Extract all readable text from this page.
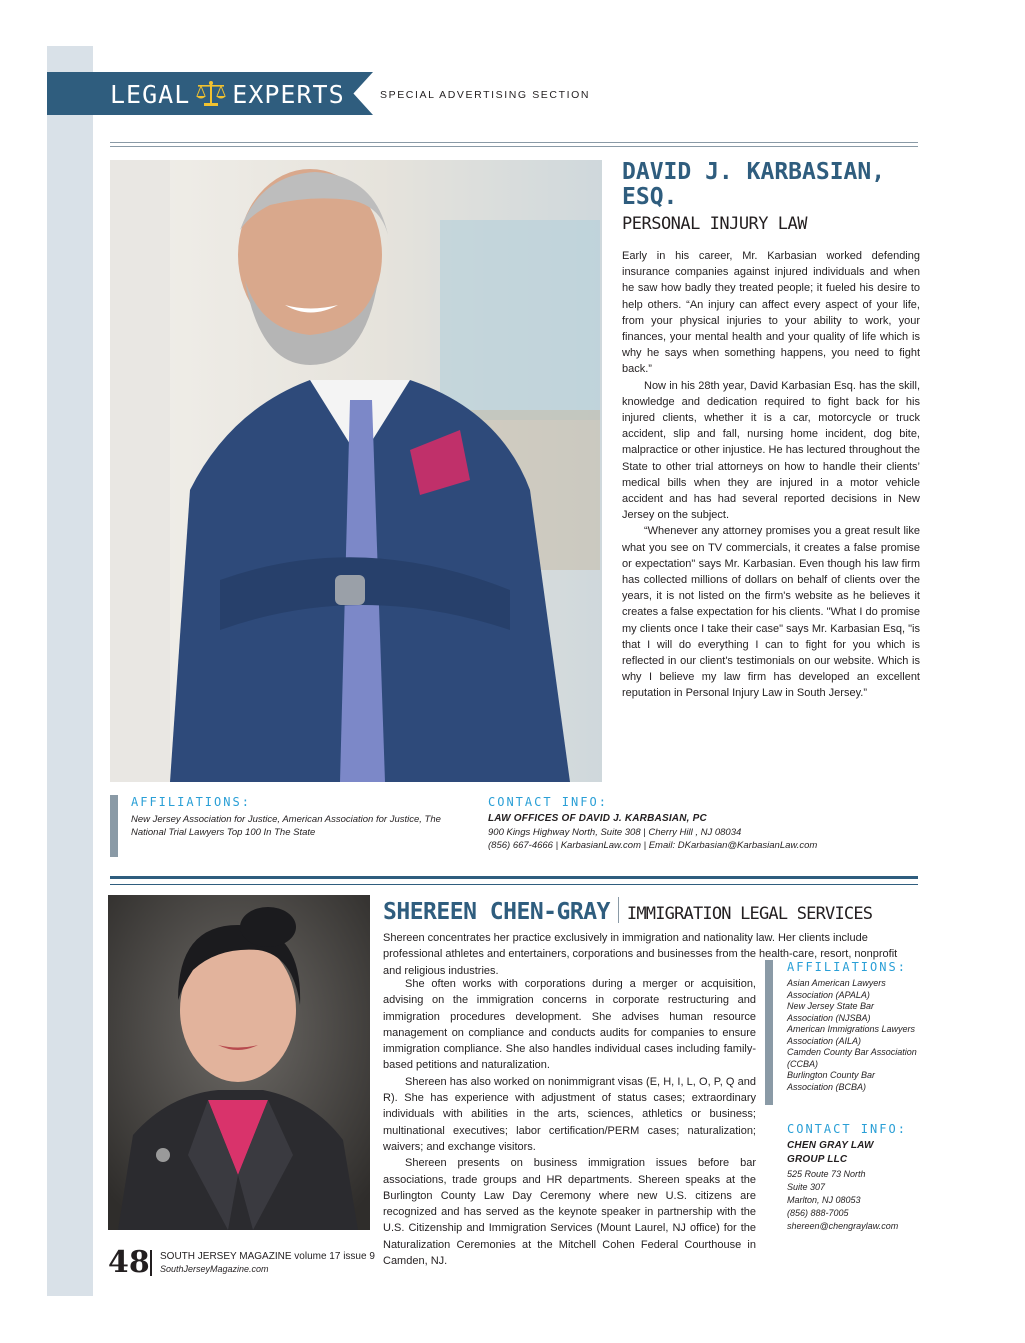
LEGAL EXPERTS	SPECIAL ADVERTISING SECTION
DAVID J. KARBASIAN, ESQ.
PERSONAL INJURY LAW

Early in his career, Mr. Karbasian worked defending insurance companies against injured individuals and when he saw how badly they treated people; it fueled his desire to help others. “An injury can affect every aspect of your life, from your physical injuries to your ability to work, your finances, your mental health and your quality of life which is why he says when something happens, you need to fight back.”

Now in his 28th year, David Karbasian Esq. has the skill, knowledge and dedication required to fight back for his injured clients, whether it is a car, motorcycle or truck accident, slip and fall, nursing home incident, dog bite, malpractice or other injustice. He has lectured throughout the State to other trial attorneys on how to handle their clients’ medical bills when they are injured in a motor vehicle accident and has had several reported decisions in New Jersey on the subject.

“Whenever any attorney promises you a great result like what you see on TV commercials, it creates a false promise or expectation" says Mr. Karbasian. Even though his law firm has collected millions of dollars on behalf of clients over the years, it is not listed on the firm's website as he believes it creates a false expectation for his clients. "What I do promise my clients once I take their case" says Mr. Karbasian Esq, "is that I will do everything I can to fight for you which is reflected in our client's testimonials on our website. Which is why I believe my law firm has developed an excellent reputation in Personal Injury Law in South Jersey.”

AFFILIATIONS:
New Jersey Association for Justice, American Association for Justice, The National Trial Lawyers Top 100 In The State
CONTACT INFO:
LAW OFFICES OF DAVID J. KARBASIAN, PC
900 Kings Highway North, Suite 308 | Cherry Hill , NJ 08034
(856) 667-4666 | KarbasianLaw.com | Email: DKarbasian@KarbasianLaw.com
SHEREEN CHEN-GRAY IMMIGRATION LEGAL SERVICES
Shereen concentrates her practice exclusively in immigration and nationality law. Her clients include professional athletes and entertainers, corporations and businesses from the health-care, resort, nonprofit and religious industries.

She often works with corporations during a merger or acquisition, advising on the immigration concerns in corporate restructuring and immigration procedures development. She advises human resource management on compliance and conducts audits for companies to ensure immigration compliance. She also handles individual cases including family-based petitions and naturalization.

Shereen has also worked on nonimmigrant visas (E, H, I, L, O, P, Q and R). She has experience with adjustment of status cases; extraordinary individuals with abilities in the arts, sciences, athletics or business; multinational executives; labor certification/PERM cases; naturalization; waivers; and exchange visitors.

Shereen presents on business immigration issues before bar associations, trade groups and HR departments. Shereen speaks at the Burlington County Law Day Ceremony where new U.S. citizens are recognized and has served as the keynote speaker in partnership with the U.S. Citizenship and Immigration Services (Mount Laurel, NJ office) for the Naturalization Ceremonies at the Mitchell Cohen Federal Courthouse in Camden, NJ.

AFFILIATIONS:
Asian American Lawyers Association (APALA)
New Jersey State Bar Association (NJSBA)
American Immigrations Lawyers Association (AILA)
Camden County Bar Association (CCBA)
Burlington County Bar Association (BCBA)
CONTACT INFO:
CHEN GRAY LAW GROUP LLC
525 Route 73 North
Suite 307
Marlton, NJ 08053
(856) 888-7005
shereen@chengraylaw.com
48 SOUTH JERSEY MAGAZINE volume 17 issue 9
SouthJerseyMagazine.com
